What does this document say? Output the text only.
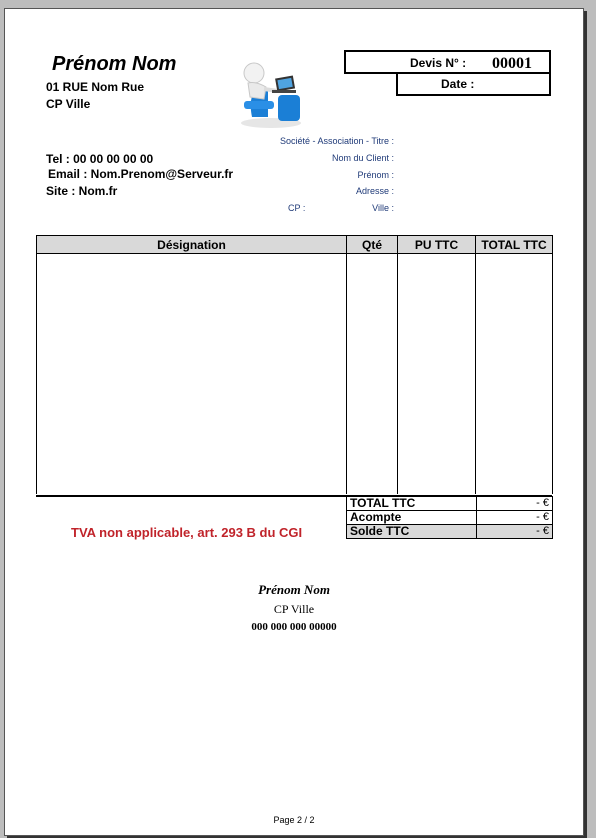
Prénom Nom
01 RUE Nom Rue
CP Ville
Devis N° : 00001
Date :
Société - Association - Titre :
Nom du Client :
Prénom :
Adresse :
CP :	Ville :
Tel : 00 00 00 00 00
Email : Nom.Prenom@Serveur.fr
Site : Nom.fr
Désignation	Qté	PU TTC	TOTAL TTC

TOTAL TTC	- €
Acompte	- €
Solde TTC	- €
TVA non applicable, art. 293 B du CGI
Prénom Nom
CP Ville
000 000 000 00000
Page 2 / 2
